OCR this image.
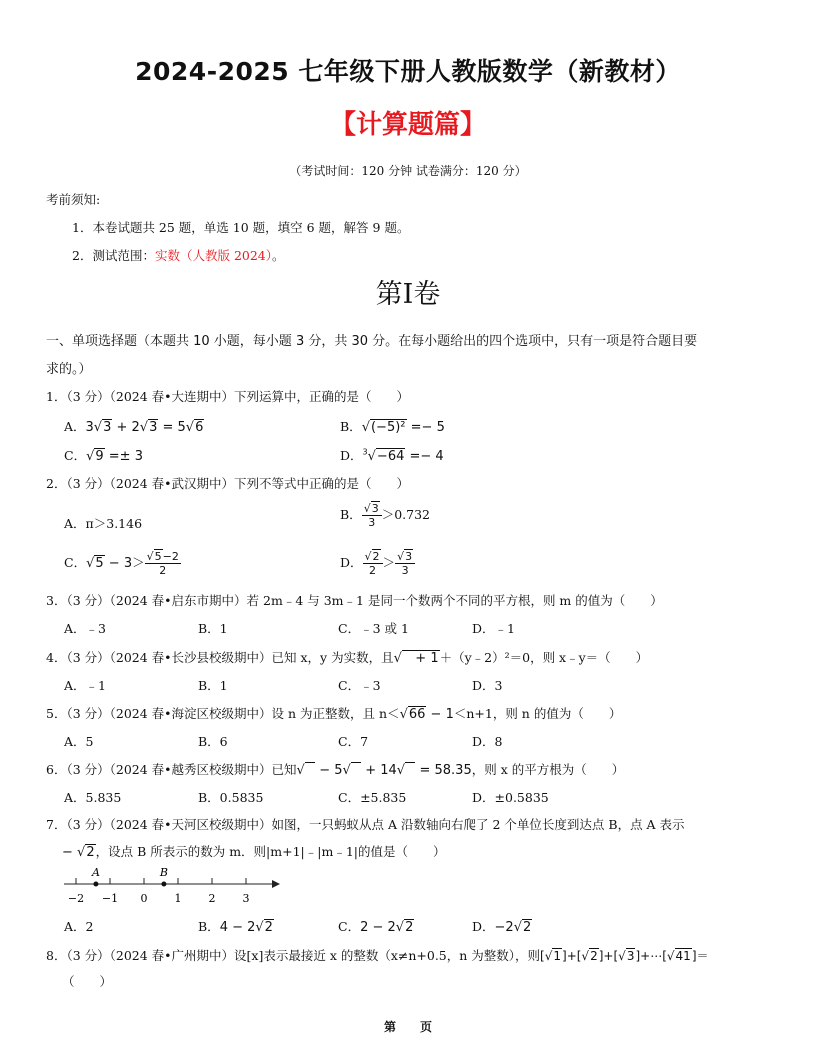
2024-2025 七年级下册人教版数学（新教材）
【计算题篇】
（考试时间：120 分钟 试卷满分：120 分）
考前须知:
1．本卷试题共 25 题，单选 10 题，填空 6 题，解答 9 题。
2．测试范围：实数（人教版 2024）。
第Ⅰ卷
一、单项选择题（本题共 10 小题，每小题 3 分，共 30 分。在每小题给出的四个选项中，只有一项是符合题目要
求的。）
1．（3 分）（2024 春•大连期中）下列运算中，正确的是（　　）
A．3√3 + 2√3 = 5√6	B．√(−5)² =− 5
C．√9 =± 3	D．$^3$√−64 =− 4
2．（3 分）（2024 春•武汉期中）下列不等式中正确的是（　　）
A．π＞3.146
B． $\frac{√3}{3} >0.732$
C．$√5 - 3> \frac{√5-2}{2}$	D． $\frac{√2}{2} > \frac{√3}{3}$
3．（3 分）（2024 春•启东市期中）若 2m﹣4 与 3m﹣1 是同一个数两个不同的平方根，则 m 的值为（　　）
A．﹣3	B．1	C．﹣3 或 1	D．﹣1
4．（3 分）（2024 春•长沙县校级期中）已知 x，y 为实数，且√   + 1＋（y﹣2）²＝0，则 x﹣y＝（　　）
A．﹣1	B．1	C．﹣3	D．3
5．（3 分）（2024 春•海淀区校级期中）设 n 为正整数，且 n＜√66 − 1＜n+1，则 n 的值为（　　）
A．5	B．6	C．7	D．8
6．（3 分）（2024 春•越秀区校级期中）已知√   − 5√   + 14√   = 58.35，则 x 的平方根为（　　）
A．5.835	B．0.5835	C．±5.835	D．±0.5835
7．（3 分）（2024 春•天河区校级期中）如图，一只蚂蚁从点 A 沿数轴向右爬了 2 个单位长度到达点 B，点 A 表示
− √2，设点 B 所表示的数为 m．则|m+1|﹣|m﹣1|的值是（　　）
−2 −1 0 1 2 3
A	B
A．2	B．4 − 2√2	C．2 − 2√2	D．−2√2
8．（3 分）（2024 春•广州期中）设[x]表示最接近 x 的整数（x≠n+0.5，n 为整数），则[√1]+[√2]+[√3]+⋯[√41]＝
（　　）
第　　页
